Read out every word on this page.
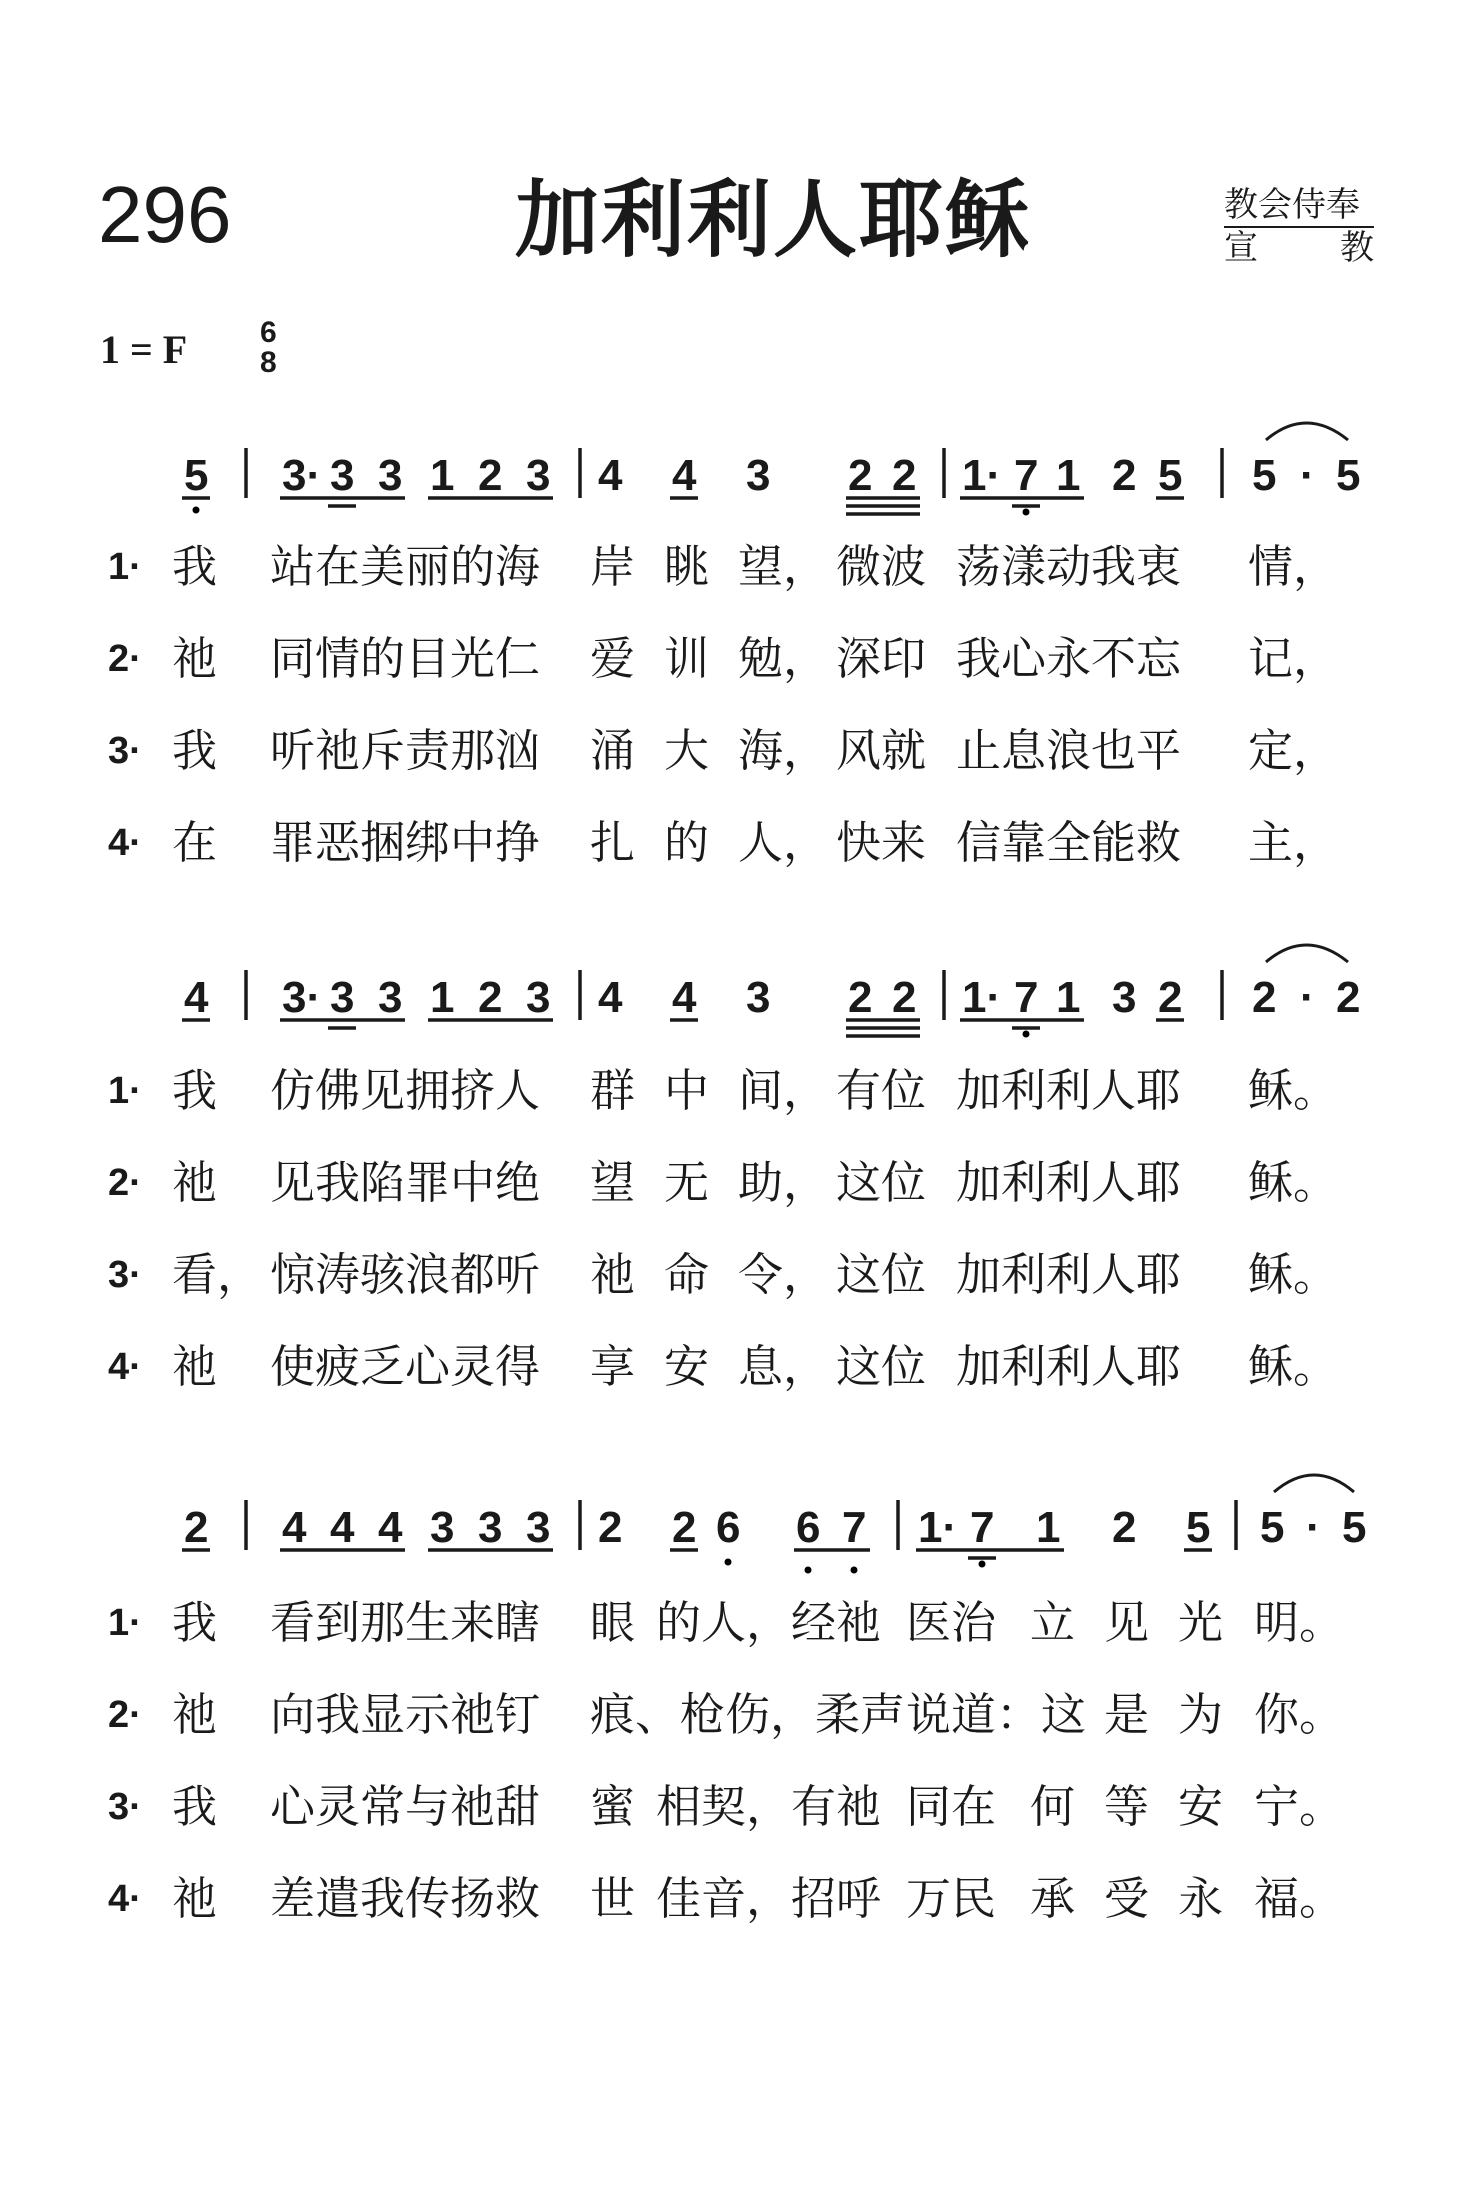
296	加利利人耶稣	教会侍奉
宣 教
1 = F 6
8
5 3· 3 3 1 2 3 4 4 3 2 2 1· 7 1 2 5 5 · 5
4 3· 3 3 1 2 3 4 4 3 2 2 1· 7 1 3 2 2 · 2
2 4 4 4 3 3 3 2 2 6 6 7 1· 7 1 2 5 5 · 5
1· 我 站在美丽的海 岸 眺 望， 微波 荡漾动我衷 情，
2· 祂 同情的目光仁 爱 训 勉， 深印 我心永不忘 记，
3· 我 听祂斥责那汹 涌 大 海， 风就 止息浪也平 定，
4· 在 罪恶捆绑中挣 扎 的 人， 快来 信靠全能救 主，
1· 我 仿佛见拥挤人 群 中 间， 有位 加利利人耶 稣。
2· 祂 见我陷罪中绝 望 无 助， 这位 加利利人耶 稣。
3· 看， 惊涛骇浪都听 祂 命 令， 这位 加利利人耶 稣。
4· 祂 使疲乏心灵得 享 安 息， 这位 加利利人耶 稣。
1· 我 看到那生来瞎 眼 的人，经祂 医治 立 见 光 明。
2· 祂 向我显示祂钉 痕、枪伤，柔声 说道：这 是 为 你。
3· 我 心灵常与祂甜 蜜 相契，有祂 同在 何 等 安 宁。
4· 祂 差遣我传扬救 世 佳音，招呼 万民 承 受 永 福。
